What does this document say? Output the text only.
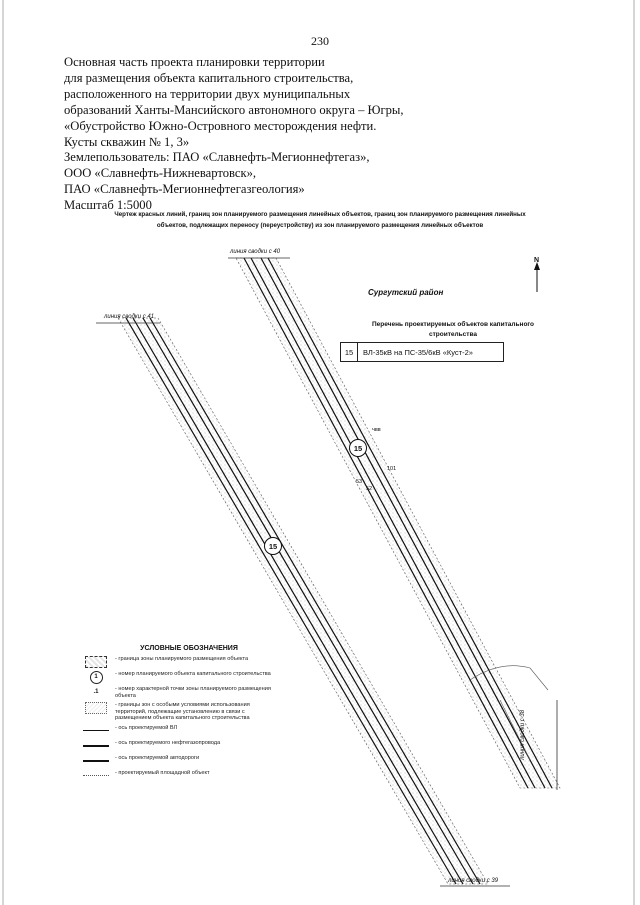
230
Основная часть проекта планировки территории
для размещения объекта капитального строительства,
расположенного на территории двух муниципальных
образований Ханты-Мансийского автономного округа – Югры,
«Обустройство Южно-Островного месторождения нефти.
Кусты скважин № 1, 3»
Землепользователь: ПАО «Славнефть-Мегионнефтегаз»,
ООО «Славнефть-Нижневартовск»,
ПАО «Славнефть-Мегионнефтегазгеология»
Масштаб 1:5000
Чертеж красных линий, границ зон планируемого размещения линейных объектов, границ зон планируемого размещения линейных объектов, подлежащих переносу (переустройству) из зон планируемого размещения линейных объектов
Сургутский район
N
линия сводки с 40
линия сводки с 41
линия сводки с 38
линия сводки с 39
15
15
101
53
52
чвв
Перечень проектируемых объектов капитального строительства
15	ВЛ-35кВ на ПС-35/6кВ «Куст-2»
УСЛОВНЫЕ ОБОЗНАЧЕНИЯ
- граница зоны планируемого размещения объекта
1	- номер планируемого объекта капитального строительства
.1	- номер характерной точки зоны планируемого размещения объекта
- границы зон с особыми условиями использования территорий, подлежащие установлению в связи с размещением объекта капитального строительства
- ось проектируемой ВЛ
- ось проектируемого нефтегазопровода
- ось проектируемой автодороги
- проектируемый площадной объект
